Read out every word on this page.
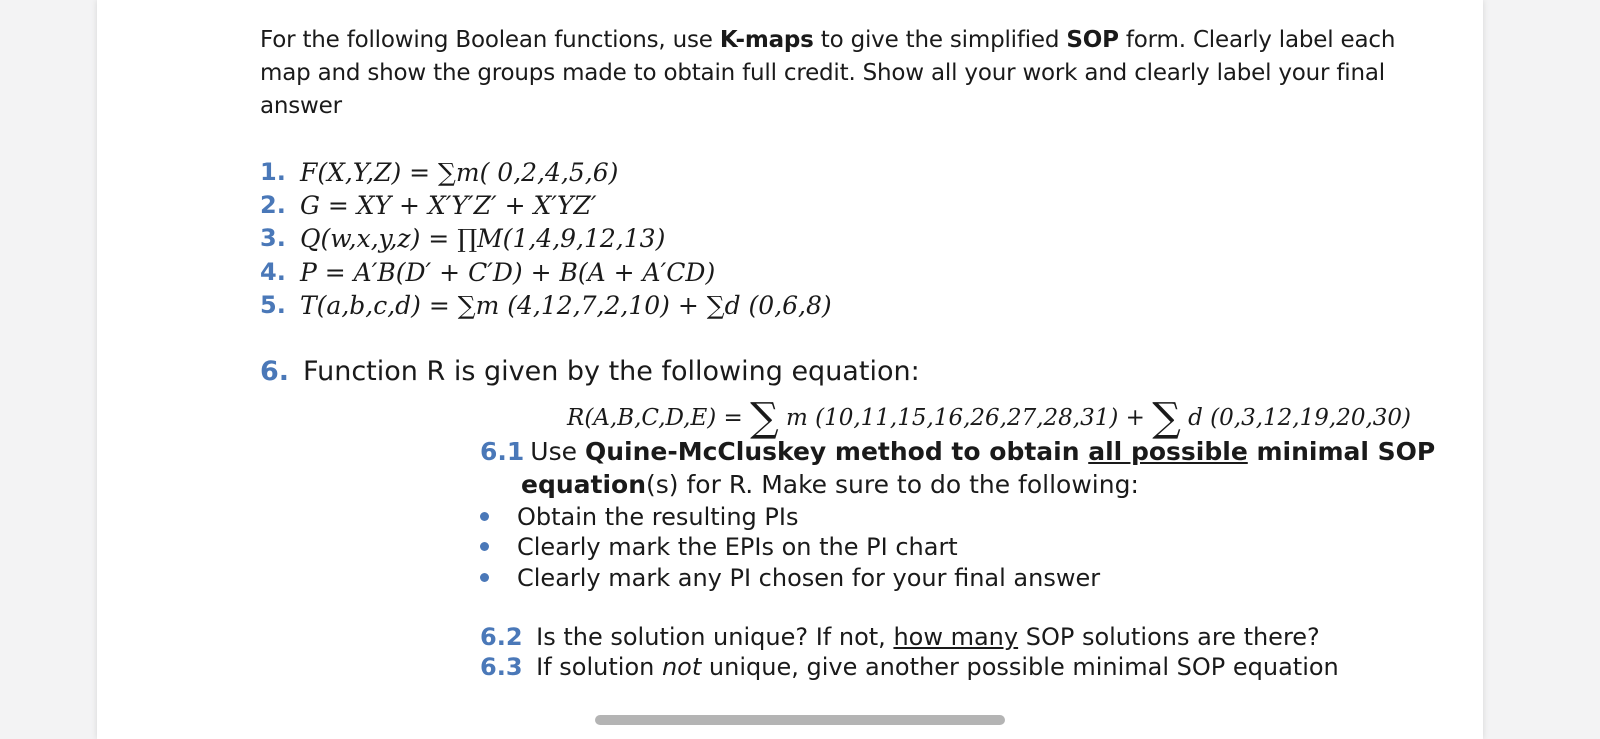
For the following Boolean functions, use K-maps to give the simplified SOP form. Clearly label each map and show the groups made to obtain full credit. Show all your work and clearly label your final answer
1. F(X,Y,Z) = ∑m( 0,2,4,5,6)
2. G = XY + X′Y′Z′ + X′YZ′
3. Q(w,x,y,z) = ∏M(1,4,9,12,13)
4. P = A′B(D′ + C′D) + B(A + A′CD)
5. T(a,b,c,d) = ∑m (4,12,7,2,10) + ∑d (0,6,8)
6. Function R is given by the following equation:
R(A,B,C,D,E) = ∑ m (10,11,15,16,26,27,28,31) + ∑ d (0,3,12,19,20,30)
6.1 Use Quine-McCluskey method to obtain all possible minimal SOP
equation(s) for R. Make sure to do the following:
Obtain the resulting PIs
Clearly mark the EPIs on the PI chart
Clearly mark any PI chosen for your final answer
6.2 Is the solution unique? If not, how many SOP solutions are there?
6.3 If solution not unique, give another possible minimal SOP equation
